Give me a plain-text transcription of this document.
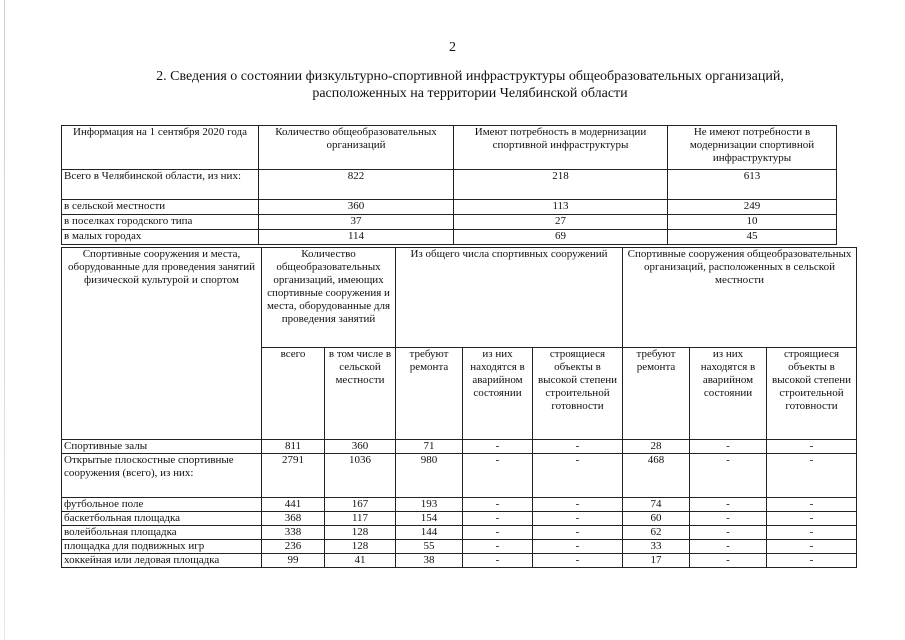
2
2. Сведения о состоянии физкультурно-спортивной инфраструктуры общеобразовательных организаций,
расположенных на территории Челябинской области
Информация на 1 сентября 2020 года	Количество общеобразовательных организаций	Имеют потребность в модернизации спортивной инфраструктуры	Не имеют потребности в модернизации спортивной инфраструктуры
Всего в Челябинской области, из них:	822	218	613
в сельской местности	360	113	249
в поселках городского типа	37	27	10
в малых городах	114	69	45
Спортивные сооружения и места, оборудованные для проведения занятий физической культурой и спортом	Количество общеобразовательных организаций, имеющих спортивные сооружения и места, оборудованные для проведения занятий		Из общего числа спортивных сооружений			Спортивные сооружения общеобразовательных организаций, расположенных в сельской местности		
	всего	в том числе в сельской местности	требуют ремонта	из них находятся в аварийном состоянии	строящиеся объекты в высокой степени строительной готовности	требуют ремонта	из них находятся в аварийном состоянии	строящиеся объекты в высокой степени строительной готовности
Спортивные залы	811	360	71	-	-	28	-	-
Открытые плоскостные спортивные сооружения (всего), из них:	2791	1036	980	-	-	468	-	-
футбольное поле	441	167	193	-	-	74	-	-
баскетбольная площадка	368	117	154	-	-	60	-	-
волейбольная площадка	338	128	144	-	-	62	-	-
площадка для подвижных игр	236	128	55	-	-	33	-	-
хоккейная или ледовая площадка	99	41	38	-	-	17	-	-
